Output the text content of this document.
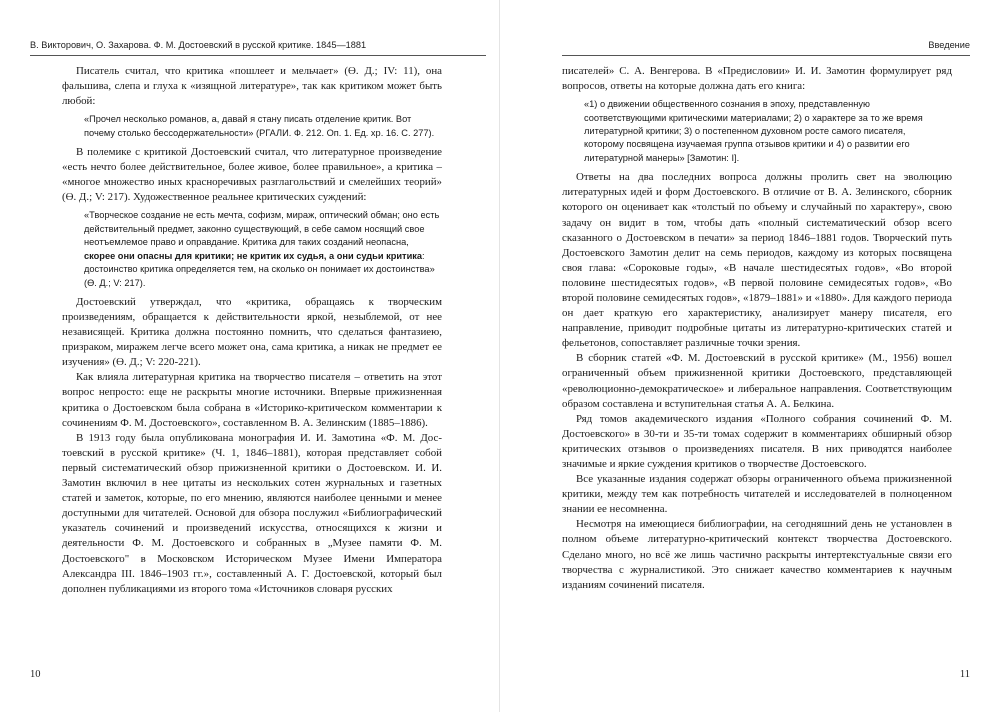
В. Викторович, О. Захарова. Ф. М. Достоевский в русской критике. 1845—1881

Писатель считал, что критика «пошлеет и мельчает» (Ө. Д.; IV: 11), она фальшива, слепа и глуха к «изящной литературе», так как критиком может быть любой:

«Прочел несколько романов, а, давай я стану писать отделение критик. Вот почему столько бессодержательности» (РГАЛИ. Ф. 212. Оп. 1. Ед. хр. 16. С. 277).

В полемике с критикой Достоевский считал, что литературное произведение «есть нечто более действительное, более живое, более правильное», а критика – «многое множество иных красноречивых разглагольствий и смелейших теорий» (Ө. Д.; V: 217). Художественное реальнее критических суждений:

«Творческое создание не есть мечта, софизм, мираж, оптический обман; оно есть действительный предмет, законно существующий, в себе самом носящий свое неотъемлемое право и оправдание. Критика для таких созданий неопасна, скорее они опасны для критики; не критик их судья, а они судьи критика: достоинство критика определяется тем, на сколько он понимает их достоинства» (Ө. Д.; V: 217).

Достоевский утверждал, что «критика, обращаясь к творческим произведениям, обращается к действительности яркой, незыблемой, от нее независящей. Критика должна постоянно помнить, что сделаться фантазиею, призраком, миражем легче всего может она, сама критика, а никак не предмет ее изучения» (Ө. Д.; V: 220-221).

Как влияла литературная критика на творчество писателя – ответить на этот вопрос непросто: еще не раскрыты многие источники. Впервые прижизненная критика о Достоевском была собрана в «Историко-критическом комментарии к сочинениям Ф. М. Достоевского», составленном В. А. Зелинским (1885–1886).

В 1913 году была опубликована монография И. И. Замотина «Ф. М. Дос-тоевский в русской критике» (Ч. 1, 1846–1881), которая представляет собой первый систематический обзор прижизненной критики о Достоевском. И. И. Замотин включил в нее цитаты из нескольких сотен журнальных и газетных статей и заметок, которые, по его мнению, являются наиболее ценными и менее доступными для читателей. Основой для обзора послужил «Библиографический указатель сочинений и произведений искусства, относящихся к жизни и деятельности Ф. М. Достоевского и собранных в „Музее памяти Ф. М. Достоевского" в Московском Историческом Музее Имени Императора Александра III. 1846–1903 гг.», составленный А. Г. Достоевской, который был дополнен публикациями из второго тома «Источников словаря русских

10
Введение

писателей» С. А. Венгерова. В «Предисловии» И. И. Замотин формулирует ряд вопросов, ответы на которые должна дать его книга:

«1) о движении общественного сознания в эпоху, представленную соответствующими критическими материалами; 2) о характере за то же время литературной критики; 3) о постепенном духовном росте самого писателя, которому посвящена изучаемая группа отзывов критики и 4) о развитии его литературной манеры» [Замотин: I].

Ответы на два последних вопроса должны пролить свет на эволюцию литературных идей и форм Достоевского. В отличие от В. А. Зелинского, сборник которого он оценивает как «толстый по объему и случайный по характеру», свою задачу он видит в том, чтобы дать «полный систематический обзор всего сказанного о Достоевском в печати» за период 1846–1881 годов. Творческий путь Достоевского Замотин делит на семь периодов, каждому из которых посвящена своя глава: «Сороковые годы», «В начале шестидесятых годов», «Во второй половине шестидесятых годов», «В первой половине семидесятых годов», «Во второй половине семидесятых годов», «1879–1881» и «1880». Для каждого периода он дает краткую его характеристику, анализирует манеру писателя, его направление, приводит подробные цитаты из литературно-критических статей и фельетонов, сопоставляет различные точки зрения.

В сборник статей «Ф. М. Достоевский в русской критике» (М., 1956) вошел ограниченный объем прижизненной критики Достоевского, представляющей «революционно-демократическое» и либеральное направления. Соответствующим образом составлена и вступительная статья А. А. Белкина.

Ряд томов академического издания «Полного собрания сочинений Ф. М. Достоевского» в 30-ти и 35-ти томах содержит в комментариях обширный обзор критических отзывов о произведениях писателя. В них приводятся наиболее значимые и яркие суждения критиков о творчестве Достоевского.

Все указанные издания содержат обзоры ограниченного объема прижизненной критики, между тем как потребность читателей и исследователей в полноценном знании ее несомненна.

Несмотря на имеющиеся библиографии, на сегодняшний день не установлен в полном объеме литературно-критический контекст творчества Достоевского. Сделано много, но всё же лишь частично раскрыты интертекстуальные связи его творчества с журналистикой. Это снижает качество комментариев к научным изданиям сочинений писателя.

11
